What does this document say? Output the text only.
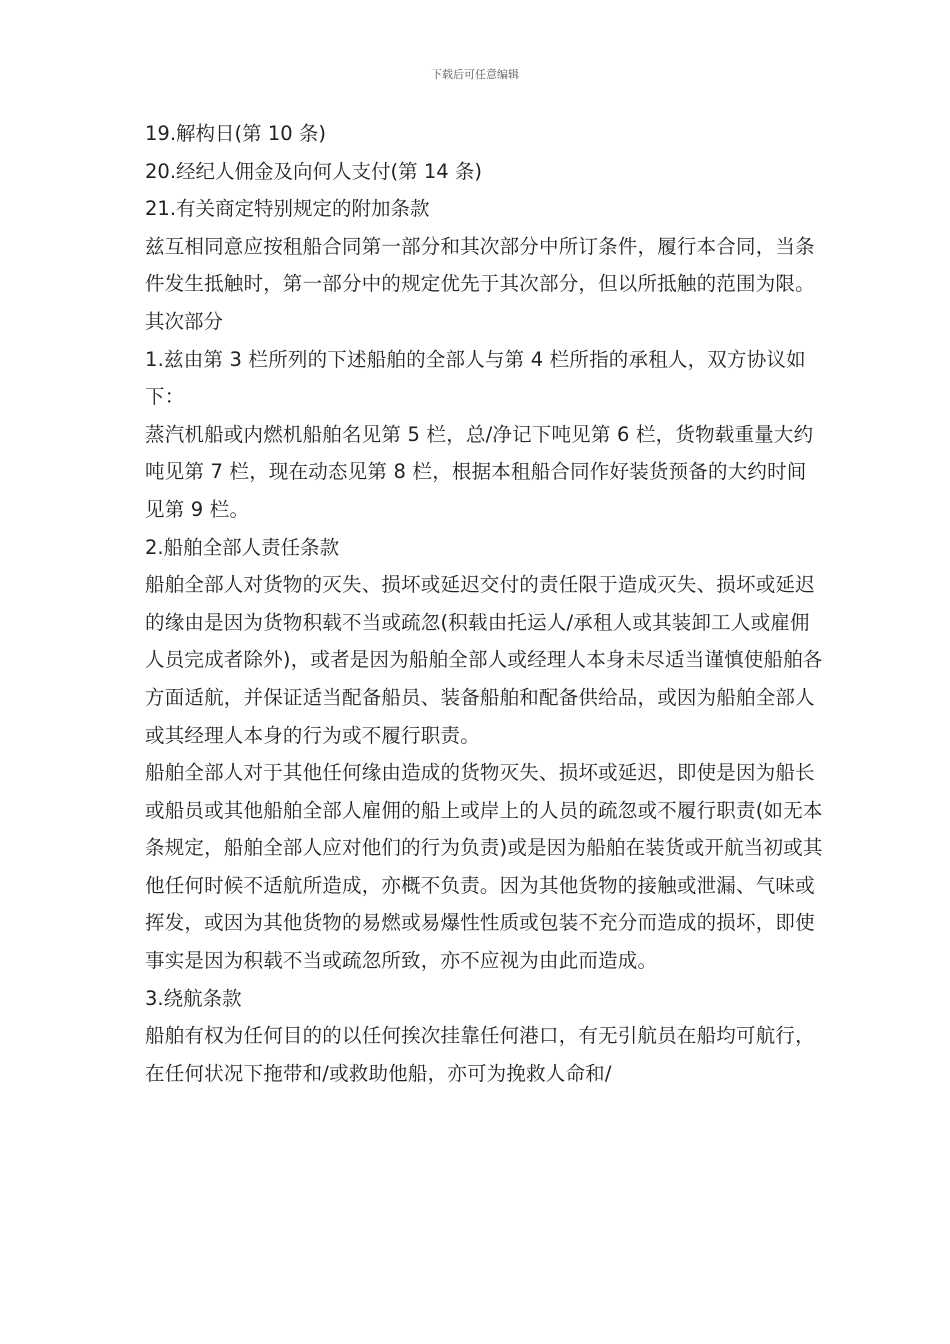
下载后可任意编辑

19.解构日(第 10 条)

20.经纪人佣金及向何人支付(第 14 条)

21.有关商定特别规定的附加条款

兹互相同意应按租船合同第一部分和其次部分中所订条件，履行本合同，当条件发生抵触时，第一部分中的规定优先于其次部分，但以所抵触的范围为限。

其次部分

1.兹由第 3 栏所列的下述船舶的全部人与第 4 栏所指的承租人，双方协议如下：

蒸汽机船或内燃机船舶名见第 5 栏，总/净记下吨见第 6 栏，货物载重量大约吨见第 7 栏，现在动态见第 8 栏，根据本租船合同作好装货预备的大约时间见第 9 栏。

2.船舶全部人责任条款

船舶全部人对货物的灭失、损坏或延迟交付的责任限于造成灭失、损坏或延迟的缘由是因为货物积载不当或疏忽(积载由托运人/承租人或其装卸工人或雇佣人员完成者除外)，或者是因为船舶全部人或经理人本身未尽适当谨慎使船舶各方面适航，并保证适当配备船员、装备船舶和配备供给品，或因为船舶全部人或其经理人本身的行为或不履行职责。

船舶全部人对于其他任何缘由造成的货物灭失、损坏或延迟，即使是因为船长或船员或其他船舶全部人雇佣的船上或岸上的人员的疏忽或不履行职责(如无本条规定，船舶全部人应对他们的行为负责)或是因为船舶在装货或开航当初或其他任何时候不适航所造成，亦概不负责。因为其他货物的接触或泄漏、气味或挥发，或因为其他货物的易燃或易爆性性质或包装不充分而造成的损坏，即使事实是因为积载不当或疏忽所致，亦不应视为由此而造成。

3.绕航条款

船舶有权为任何目的的以任何挨次挂靠任何港口，有无引航员在船均可航行，在任何状况下拖带和/或救助他船，亦可为挽救人命和/
